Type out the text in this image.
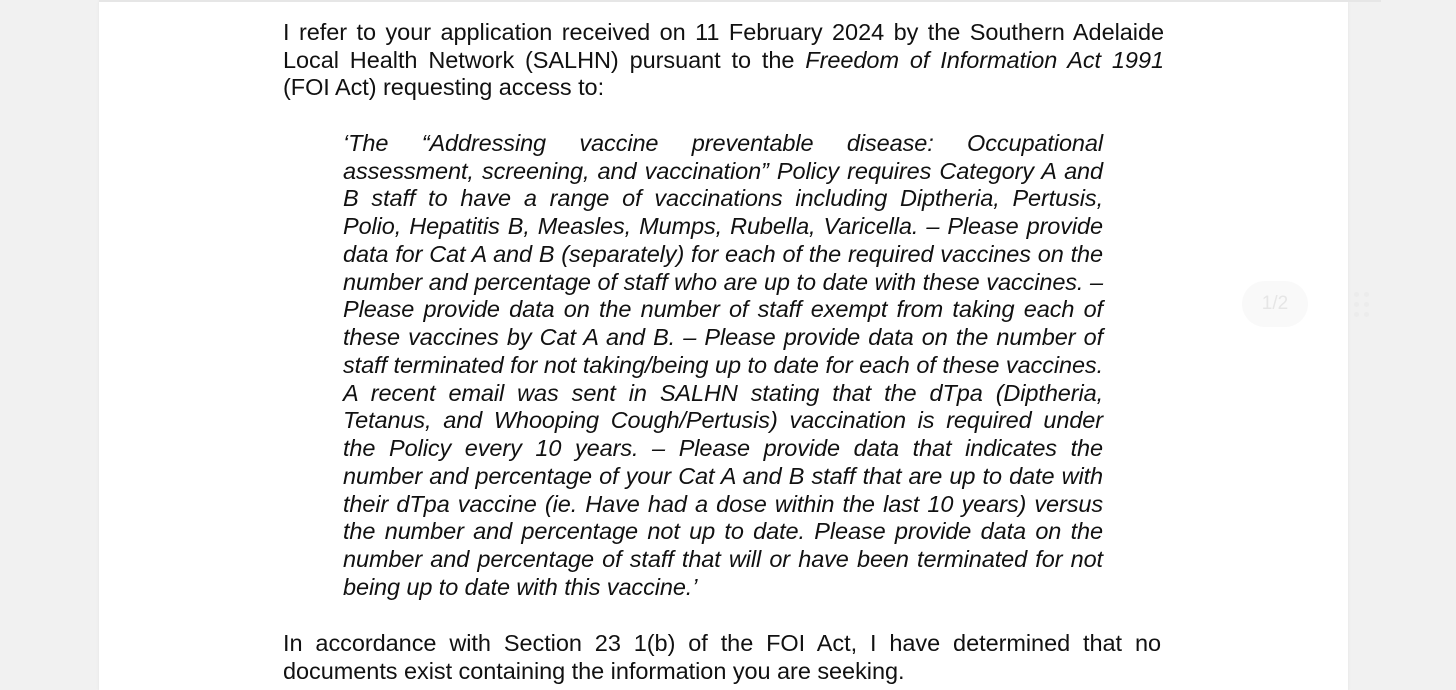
I refer to your application received on 11 February 2024 by the Southern Adelaide Local Health Network (SALHN) pursuant to the Freedom of Information Act 1991 (FOI Act) requesting access to:

‘The “Addressing vaccine preventable disease: Occupational assessment, screening, and vaccination” Policy requires Category A and B staff to have a range of vaccinations including Diptheria, Pertusis, Polio, Hepatitis B, Measles, Mumps, Rubella, Varicella. – Please provide data for Cat A and B (separately) for each of the required vaccines on the number and percentage of staff who are up to date with these vaccines. – Please provide data on the number of staff exempt from taking each of these vaccines by Cat A and B. – Please provide data on the number of staff terminated for not taking/being up to date for each of these vaccines. A recent email was sent in SALHN stating that the dTpa (Diptheria, Tetanus, and Whooping Cough/Pertusis) vaccination is required under the Policy every 10 years. – Please provide data that indicates the number and percentage of your Cat A and B staff that are up to date with their dTpa vaccine (ie. Have had a dose within the last 10 years) versus the number and percentage not up to date. Please provide data on the number and percentage of staff that will or have been terminated for not being up to date with this vaccine.’

In accordance with Section 23 1(b) of the FOI Act, I have determined that no documents exist containing the information you are seeking.

1/2
